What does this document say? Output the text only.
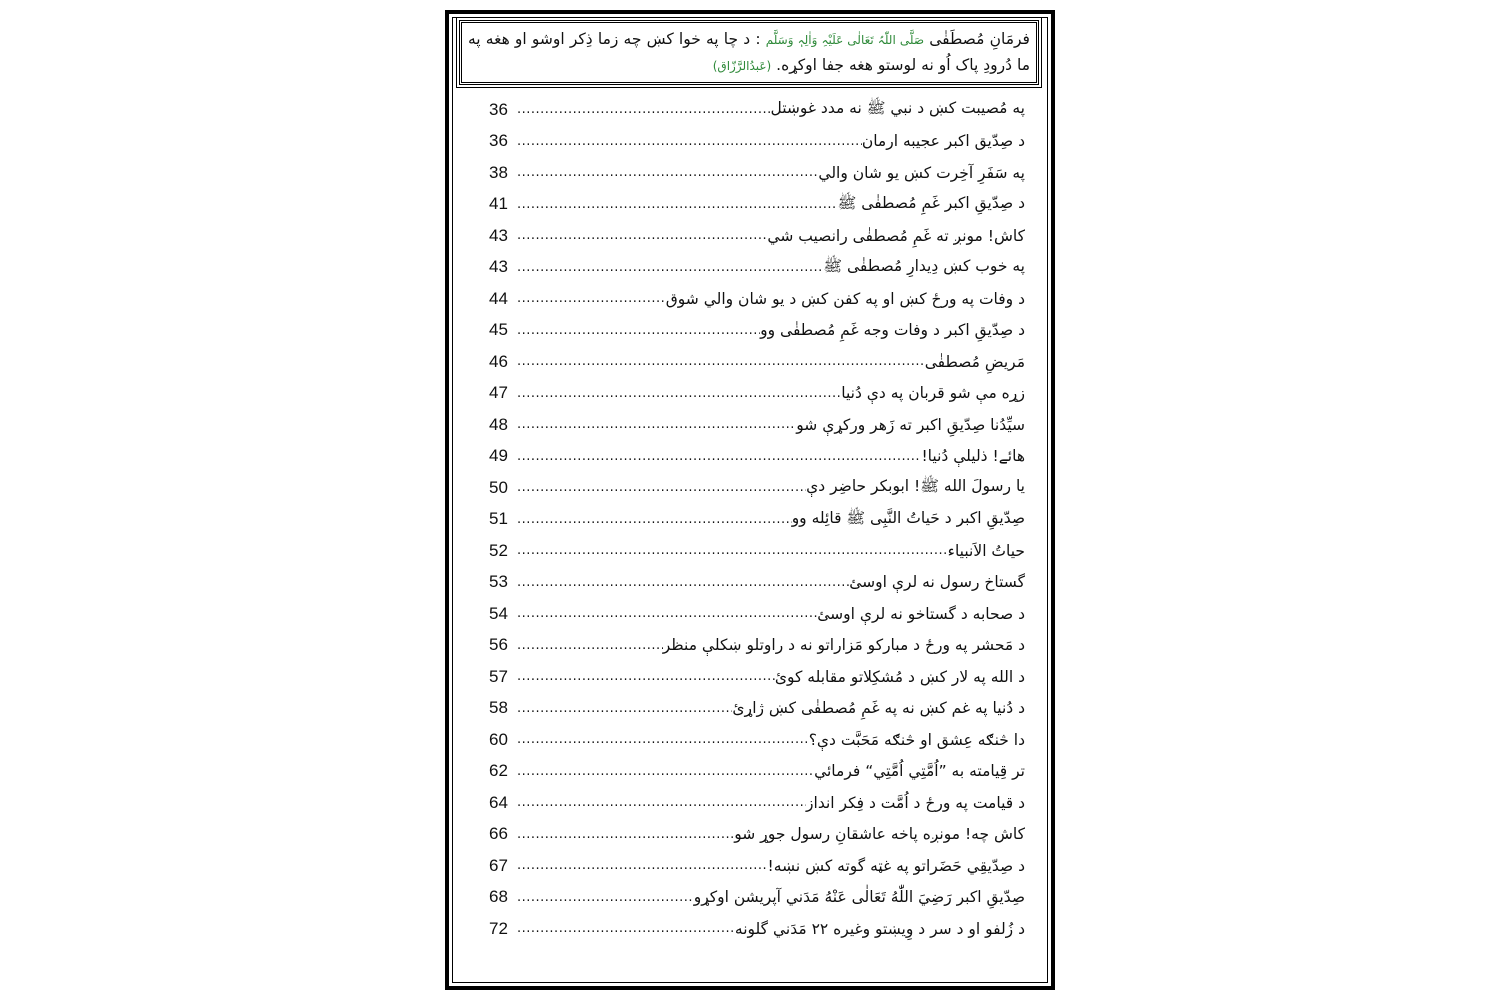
فرمَانِ مُصطَفٰی صَلَّی اللّٰہُ تَعَالٰی عَلَیْہِ وَاٰلِہٖ وَسَلَّم : د چا په خوا کښ چه زما ذِکر اوشو او هغه په ما دُرودِ پاک اُو نه لوستو هغه جفا اوکړه. (عَبدُالرَّزّاق)
په مُصيبت کښ د نبي ﷺ نه مدد غوښتل
.....
36
د صِدّيق اکبر عجيبه ارمان
.....
36
په سَفَرِ آخِرت کښ يو شان والي
.....
38
د صِدّيقِ اکبر غَمِ مُصطفٰی ﷺ
.....
41
کاش! مونږ ته غَمِ مُصطفٰی رانصيب شي
.....
43
په خوب کښ دِيدارِ مُصطفٰی ﷺ
.....
43
د وفات په ورځ کښ او په کفن کښ د يو شان والي شوق
.....
44
د صِدّيقِ اکبر د وفات وجه غَمِ مُصطفٰی وو
.....
45
مَريضِ مُصطفٰی
.....
46
زړه مې شو قربان په دې دُنيا
.....
47
سيِّدُنا صِدّيقِ اکبر ته زَهر ورکړې شو
.....
48
هائے! ذليلې دُنيا!
.....
49
يا رسولَ الله ﷺ! ابوبکر حاضِر دې
.....
50
صِدّيقِ اکبر د حَياتُ النَّبِی ﷺ قائِله وو
.....
51
حياتُ الاَنبياء
.....
52
گستاخ رسول نه لرې اوسئ
.....
53
د صحابه د گستاخو نه لرې اوسئ
.....
54
د مَحشر په ورځ د مبارکو مَزاراتو نه د راوتلو ښکلې منظر
.....
56
د الله په لار کښ د مُشکِلاتو مقابله کوئ
.....
57
د دُنيا په غم کښ نه په غَمِ مُصطفٰی کښ ژاړئ
.....
58
دا څنګه عِشق او څنګه مَحَبَّت دې؟
.....
60
تر قِيامته به ”اُمَّتِي اُمَّتِي“ فرمائي
.....
62
د قيامت په ورځ د اُمَّت د فِکر انداز
.....
64
کاش چه! مونږه پاخه عاشقانِ رسول جوړ شو
.....
66
د صِدّيقِي حَضَراتو په غټه گوته کښ نښه!
.....
67
صِدّيقِ اکبر رَضِيَ اللّٰهُ تَعَالٰی عَنْهُ مَدَني آپريشن اوکړو
.....
68
د زُلفو او د سر د وِيښتو وغيره ۲۲ مَدَني گلونه
.....
72
